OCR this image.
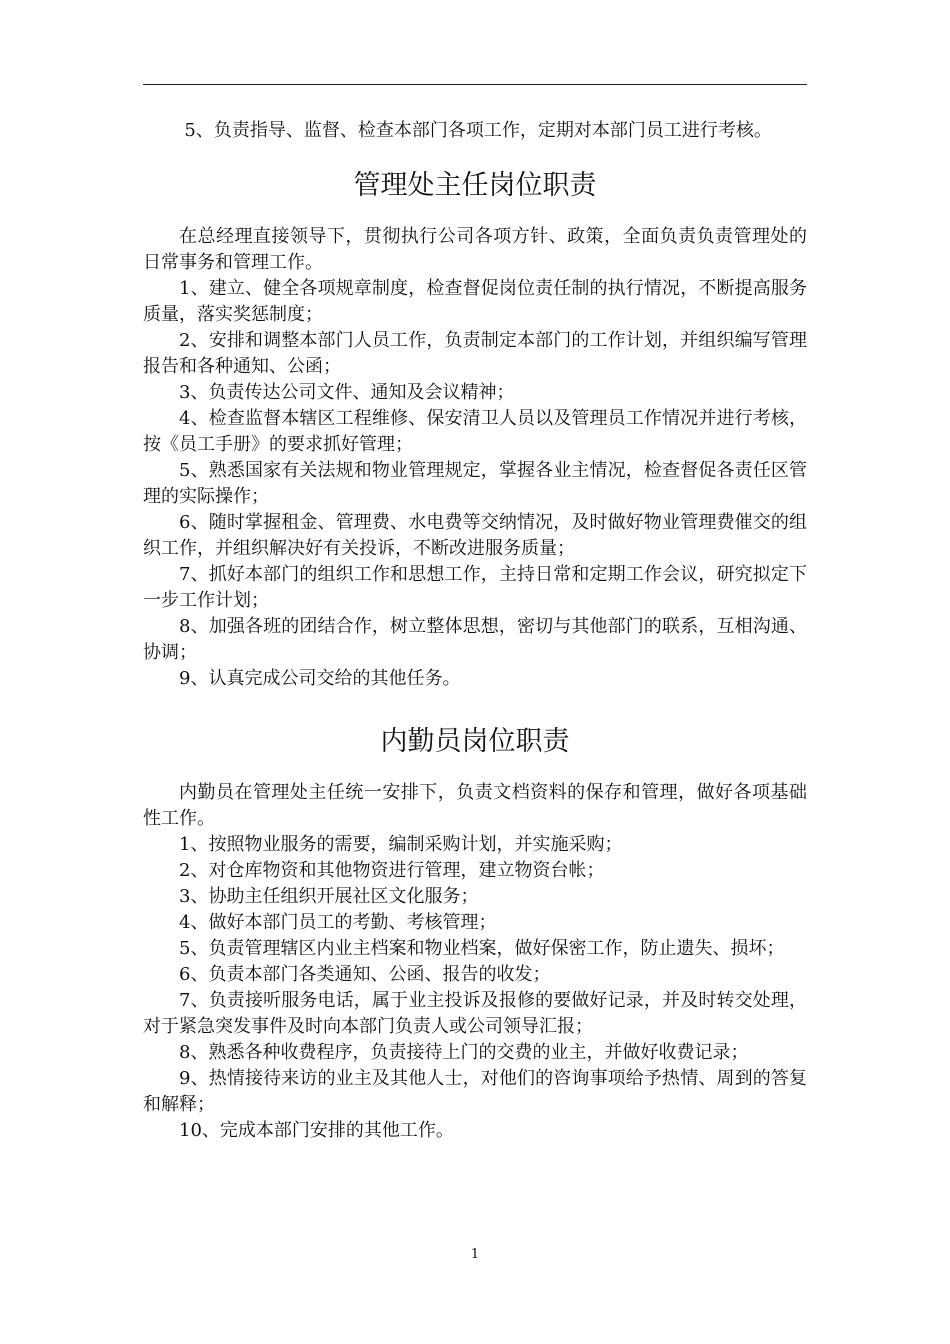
5、负责指导、监督、检查本部门各项工作，定期对本部门员工进行考核。

管理处主任岗位职责

在总经理直接领导下，贯彻执行公司各项方针、政策，全面负责负责管理处的日常事务和管理工作。

1、建立、健全各项规章制度，检查督促岗位责任制的执行情况，不断提高服务质量，落实奖惩制度；

2、安排和调整本部门人员工作，负责制定本部门的工作计划，并组织编写管理报告和各种通知、公函；

3、负责传达公司文件、通知及会议精神；

4、检查监督本辖区工程维修、保安清卫人员以及管理员工作情况并进行考核，按《员工手册》的要求抓好管理；

5、熟悉国家有关法规和物业管理规定，掌握各业主情况，检查督促各责任区管理的实际操作；

6、随时掌握租金、管理费、水电费等交纳情况，及时做好物业管理费催交的组织工作，并组织解决好有关投诉，不断改进服务质量；

7、抓好本部门的组织工作和思想工作，主持日常和定期工作会议，研究拟定下一步工作计划；

8、加强各班的团结合作，树立整体思想，密切与其他部门的联系，互相沟通、协调；

9、认真完成公司交给的其他任务。

内勤员岗位职责

内勤员在管理处主任统一安排下，负责文档资料的保存和管理，做好各项基础性工作。

1、按照物业服务的需要，编制采购计划，并实施采购；

2、对仓库物资和其他物资进行管理，建立物资台帐；

3、协助主任组织开展社区文化服务；

4、做好本部门员工的考勤、考核管理；

5、负责管理辖区内业主档案和物业档案，做好保密工作，防止遗失、损坏；

6、负责本部门各类通知、公函、报告的收发；

7、负责接听服务电话，属于业主投诉及报修的要做好记录，并及时转交处理，对于紧急突发事件及时向本部门负责人或公司领导汇报；

8、熟悉各种收费程序，负责接待上门的交费的业主，并做好收费记录；

9、热情接待来访的业主及其他人士，对他们的咨询事项给予热情、周到的答复和解释；

10、完成本部门安排的其他工作。

1
